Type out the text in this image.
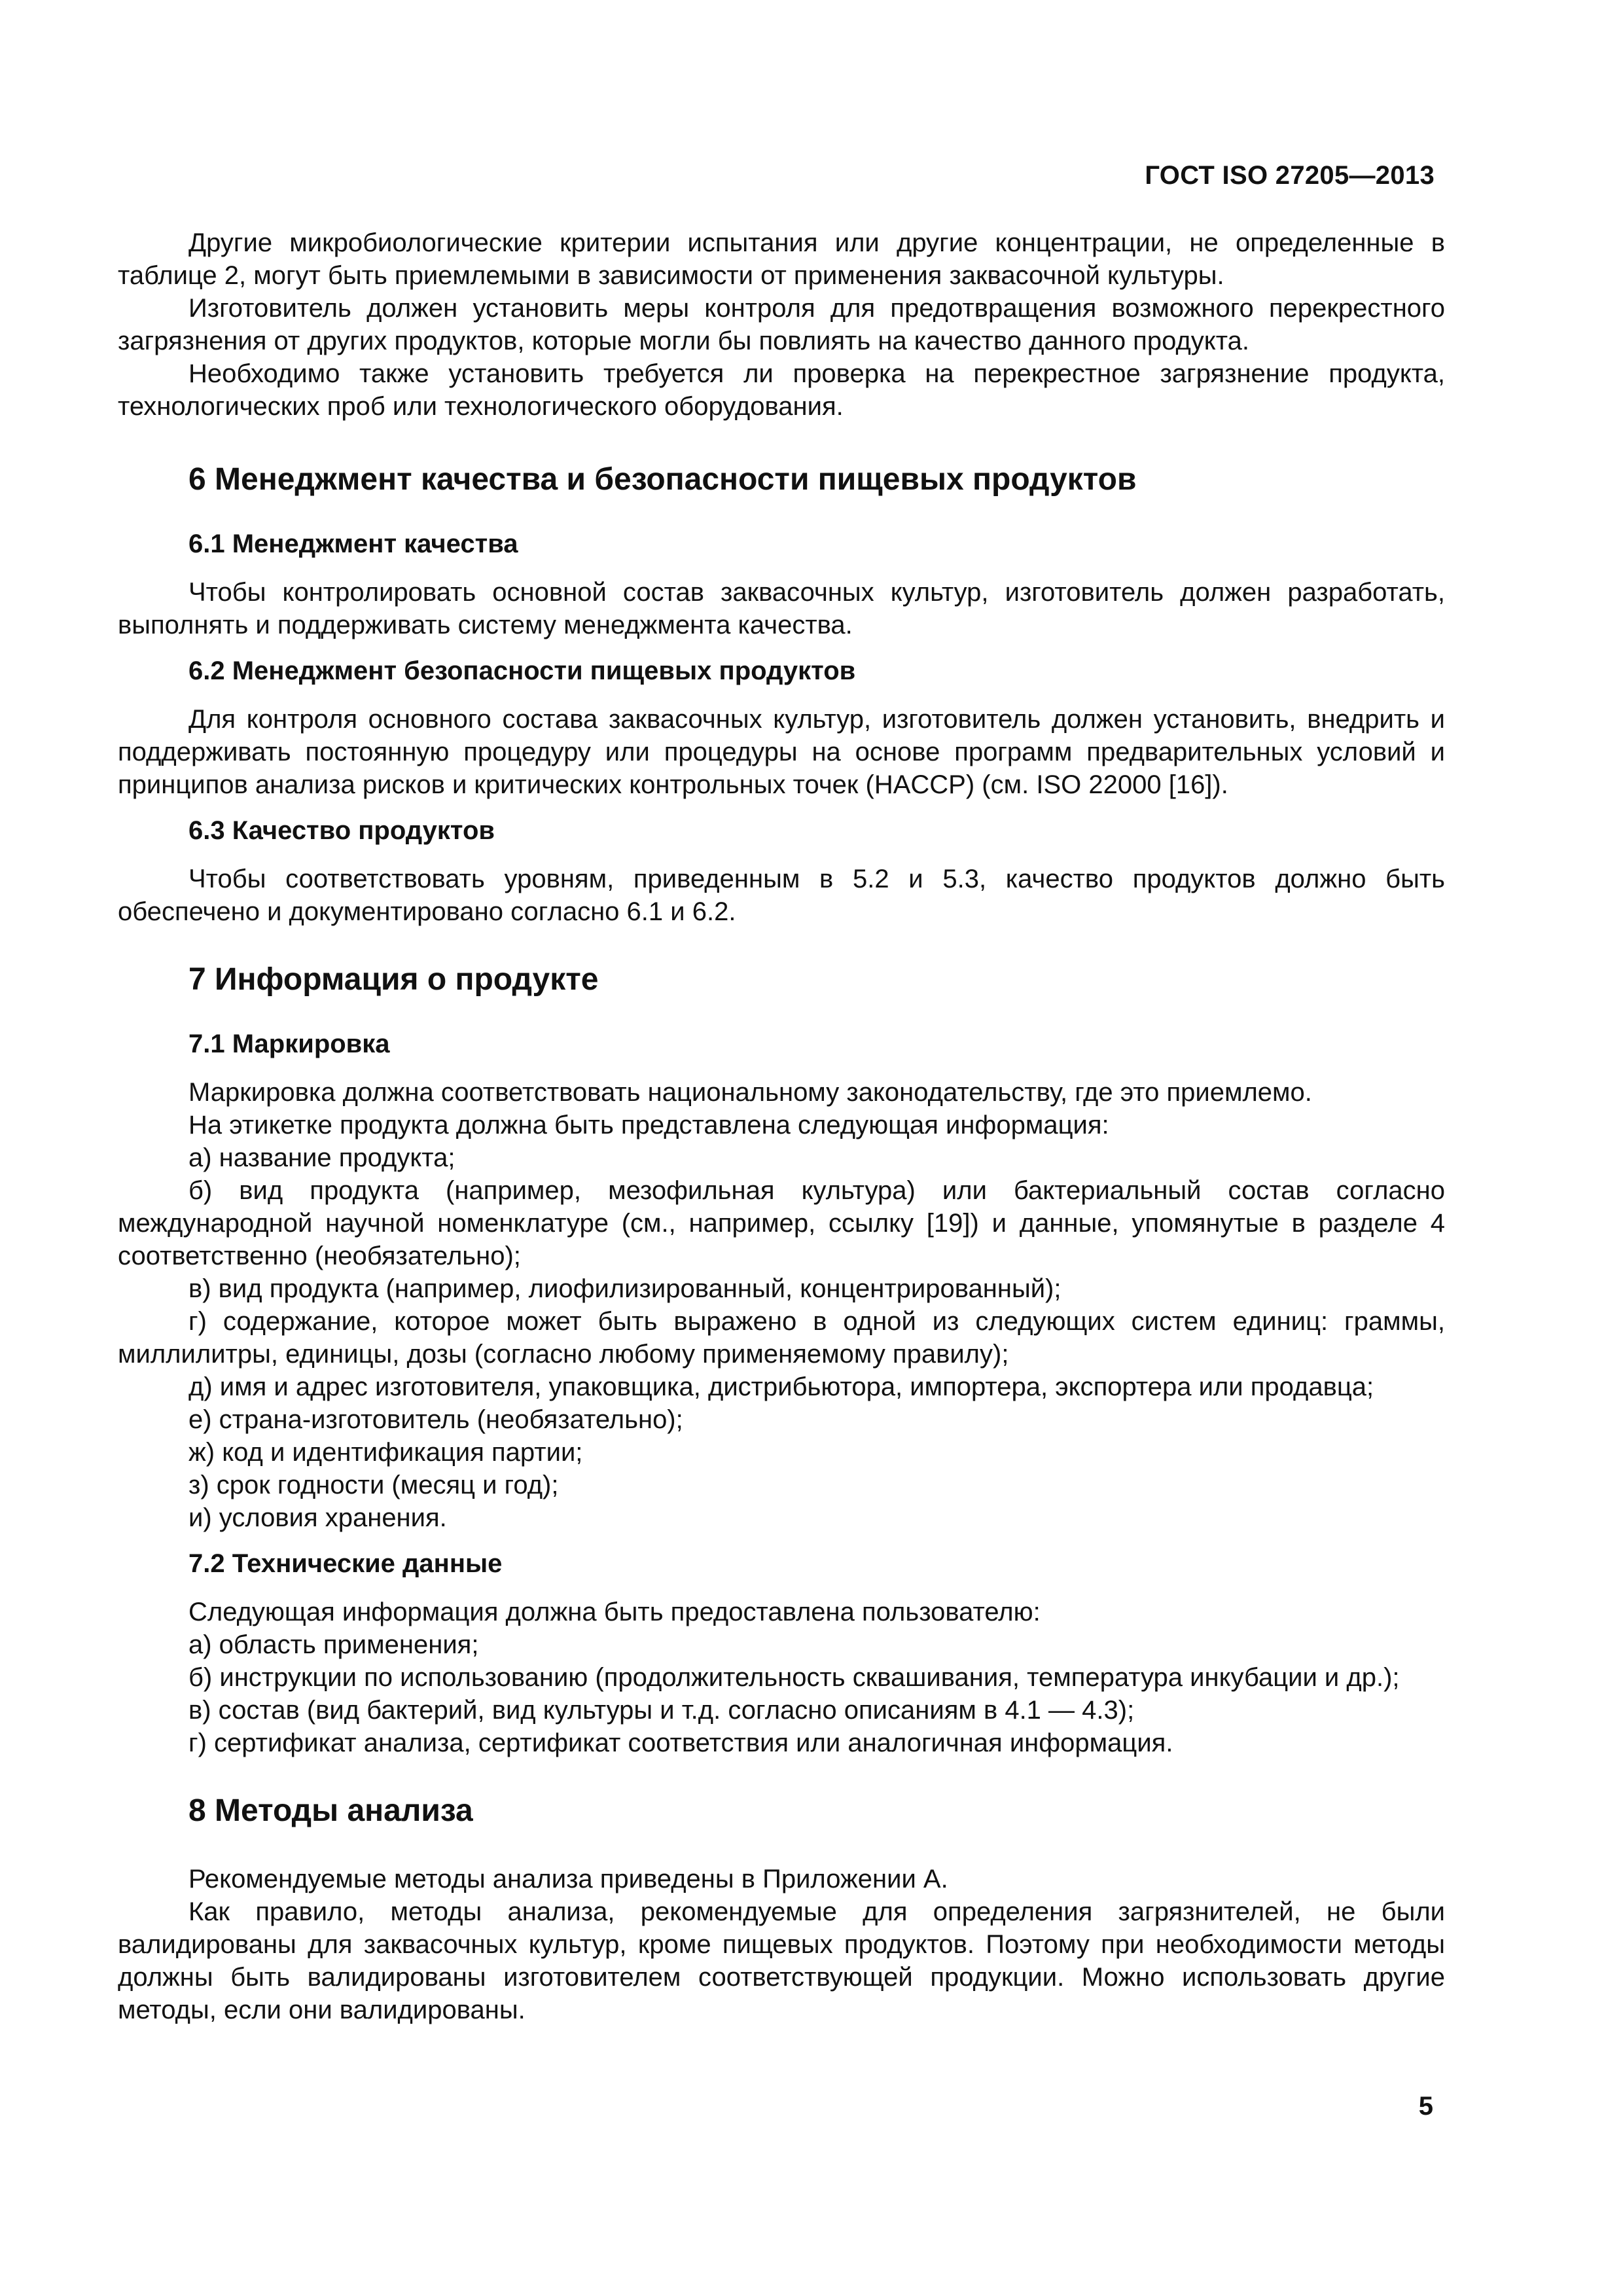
ГОСТ ISO 27205—2013

Другие микробиологические критерии испытания или другие концентрации, не определенные в таблице 2, могут быть приемлемыми в зависимости от применения заквасочной культуры.

Изготовитель должен установить меры контроля для предотвращения возможного перекрестного загрязнения от других продуктов, которые могли бы повлиять на качество данного продукта.

Необходимо также установить требуется ли проверка на перекрестное загрязнение продукта, технологических проб или технологического оборудования.

6 Менеджмент качества и безопасности пищевых продуктов
6.1 Менеджмент качества

Чтобы контролировать основной состав заквасочных культур, изготовитель должен разработать, выполнять и поддерживать систему менеджмента качества.

6.2 Менеджмент безопасности пищевых продуктов

Для контроля основного состава заквасочных культур, изготовитель должен установить, внедрить и поддерживать постоянную процедуру или процедуры на основе программ предварительных условий и принципов анализа рисков и критических контрольных точек (HACCP) (см. ISO 22000 [16]).

6.3 Качество продуктов

Чтобы соответствовать уровням, приведенным в 5.2 и 5.3, качество продуктов должно быть обеспечено и документировано согласно 6.1 и 6.2.

7 Информация о продукте
7.1 Маркировка

Маркировка должна соответствовать национальному законодательству, где это приемлемо.

На этикетке продукта должна быть представлена следующая информация:

а) название продукта;

б) вид продукта (например, мезофильная культура) или бактериальный состав согласно международной научной номенклатуре (см., например, ссылку [19]) и данные, упомянутые в разделе 4 соответственно (необязательно);

в) вид продукта (например, лиофилизированный, концентрированный);

г) содержание, которое может быть выражено в одной из следующих систем единиц: граммы, миллилитры, единицы, дозы (согласно любому применяемому правилу);

д) имя и адрес изготовителя, упаковщика, дистрибьютора, импортера, экспортера или продавца;

е) страна-изготовитель (необязательно);

ж) код и идентификация партии;

з) срок годности (месяц и год);

и) условия хранения.

7.2 Технические данные

Следующая информация должна быть предоставлена пользователю:

а) область применения;

б) инструкции по использованию (продолжительность сквашивания, температура инкубации и др.);

в) состав (вид бактерий, вид культуры и т.д. согласно описаниям в 4.1 — 4.3);

г) сертификат анализа, сертификат соответствия или аналогичная информация.

8 Методы анализа

Рекомендуемые методы анализа приведены в Приложении А.

Как правило, методы анализа, рекомендуемые для определения загрязнителей, не были валидированы для заквасочных культур, кроме пищевых продуктов. Поэтому при необходимости методы должны быть валидированы изготовителем соответствующей продукции. Можно использовать другие методы, если они валидированы.

5
